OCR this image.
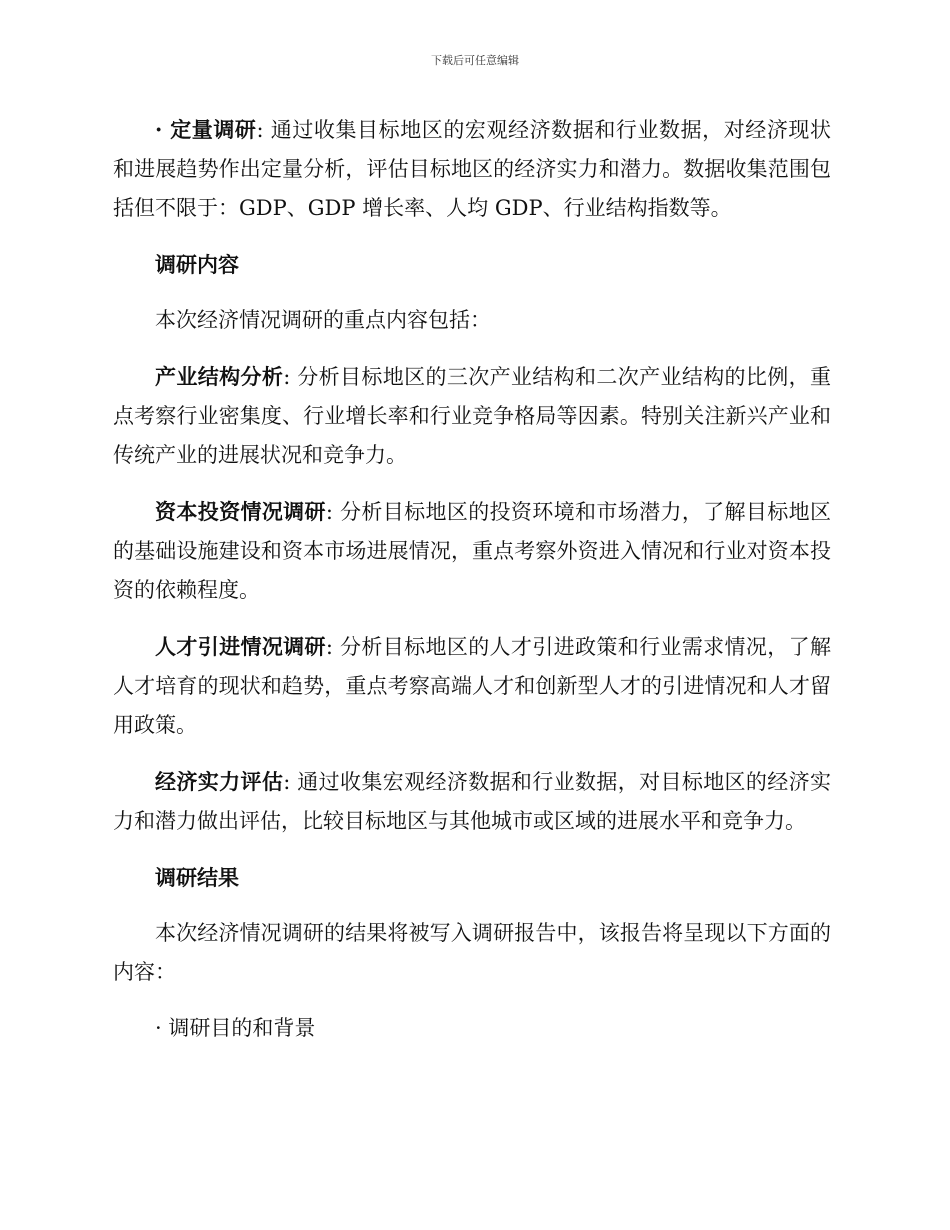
下载后可任意编辑

· 定量调研: 通过收集目标地区的宏观经济数据和行业数据，对经济现状和进展趋势作出定量分析，评估目标地区的经济实力和潜力。数据收集范围包括但不限于：GDP、GDP 增长率、人均 GDP、行业结构指数等。

调研内容

本次经济情况调研的重点内容包括：

产业结构分析: 分析目标地区的三次产业结构和二次产业结构的比例，重点考察行业密集度、行业增长率和行业竞争格局等因素。特别关注新兴产业和传统产业的进展状况和竞争力。

资本投资情况调研: 分析目标地区的投资环境和市场潜力，了解目标地区的基础设施建设和资本市场进展情况，重点考察外资进入情况和行业对资本投资的依赖程度。

人才引进情况调研: 分析目标地区的人才引进政策和行业需求情况，了解人才培育的现状和趋势，重点考察高端人才和创新型人才的引进情况和人才留用政策。

经济实力评估: 通过收集宏观经济数据和行业数据，对目标地区的经济实力和潜力做出评估，比较目标地区与其他城市或区域的进展水平和竞争力。

调研结果

本次经济情况调研的结果将被写入调研报告中，该报告将呈现以下方面的内容：

· 调研目的和背景
